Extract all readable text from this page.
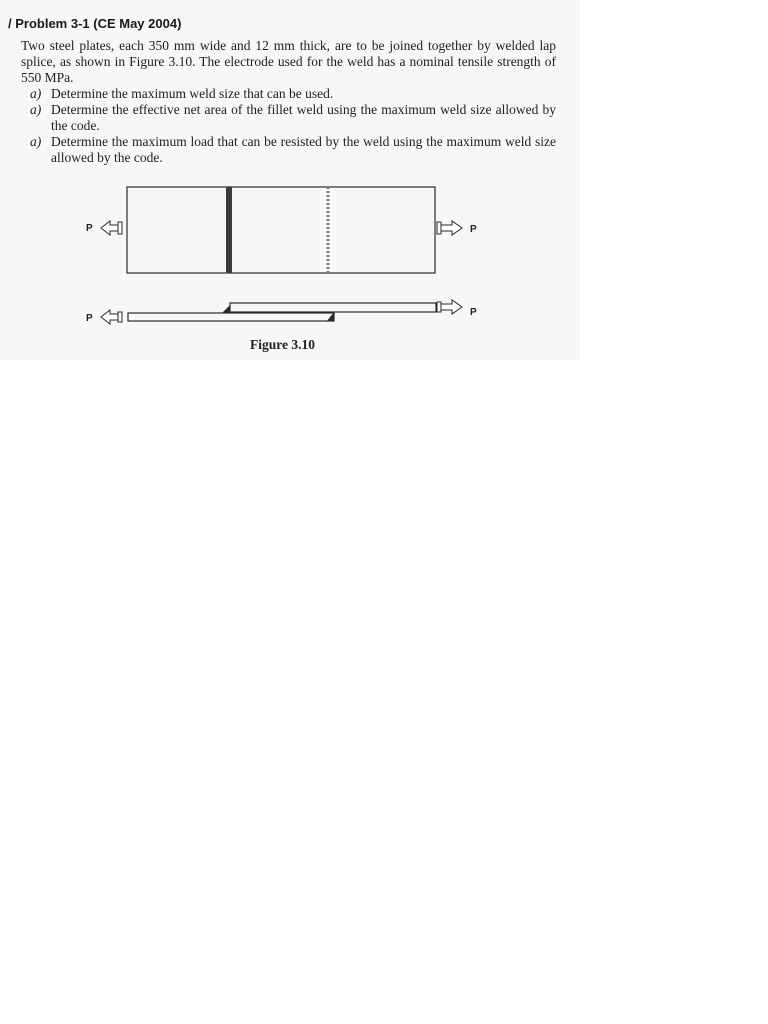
/ Problem 3-1 (CE May 2004)

Two steel plates, each 350 mm wide and 12 mm thick, are to be joined together by welded lap splice, as shown in Figure 3.10. The electrode used for the weld has a nominal tensile strength of 550 MPa.

a) Determine the maximum weld size that can be used.
a) Determine the effective net area of the fillet weld using the maximum weld size allowed by the code.
a) Determine the maximum load that can be resisted by the weld using the maximum weld size allowed by the code.
P	P
P
P
Figure 3.10
